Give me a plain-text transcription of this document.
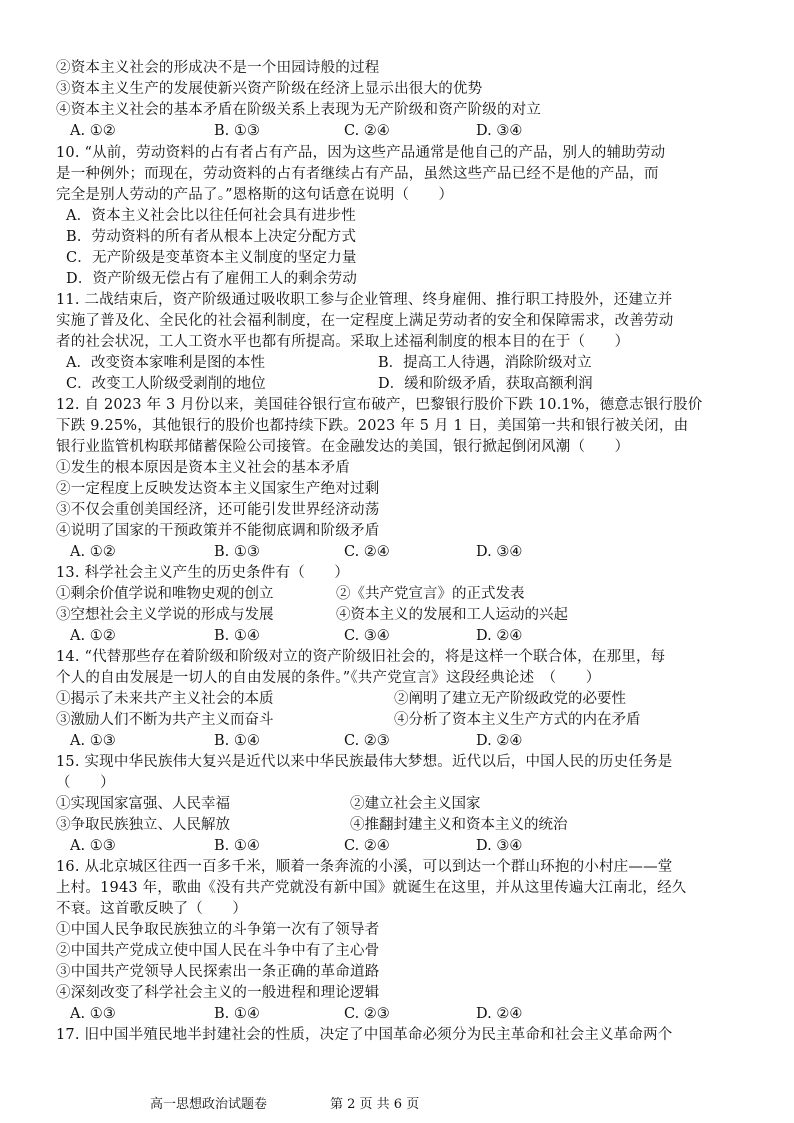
②资本主义社会的形成决不是一个田园诗般的过程
③资本主义生产的发展使新兴资产阶级在经济上显示出很大的优势
④资本主义社会的基本矛盾在阶级关系上表现为无产阶级和资产阶级的对立
A. ①②	B. ①③	C. ②④	D. ③④
10. “从前，劳动资料的占有者占有产品，因为这些产品通常是他自己的产品，别人的辅助劳动
是一种例外；而现在，劳动资料的占有者继续占有产品，虽然这些产品已经不是他的产品，而
完全是别人劳动的产品了。”恩格斯的这句话意在说明（　　）
A．资本主义社会比以往任何社会具有进步性
B．劳动资料的所有者从根本上决定分配方式
C．无产阶级是变革资本主义制度的坚定力量
D．资产阶级无偿占有了雇佣工人的剩余劳动
11. 二战结束后，资产阶级通过吸收职工参与企业管理、终身雇佣、推行职工持股外，还建立并
实施了普及化、全民化的社会福利制度，在一定程度上满足劳动者的安全和保障需求，改善劳动
者的社会状况，工人工资水平也都有所提高。采取上述福利制度的根本目的在于（　　）
A．改变资本家唯利是图的本性	B．提高工人待遇，消除阶级对立
C．改变工人阶级受剥削的地位	D．缓和阶级矛盾，获取高额利润
12. 自 2023 年 3 月份以来，美国硅谷银行宣布破产，巴黎银行股价下跌 10.1%，德意志银行股价
下跌 9.25%，其他银行的股价也都持续下跌。2023 年 5 月 1 日，美国第一共和银行被关闭，由
银行业监管机构联邦储蓄保险公司接管。在金融发达的美国，银行掀起倒闭风潮（　　）
①发生的根本原因是资本主义社会的基本矛盾
②一定程度上反映发达资本主义国家生产绝对过剩
③不仅会重创美国经济，还可能引发世界经济动荡
④说明了国家的干预政策并不能彻底调和阶级矛盾
A. ①②	B. ①③	C. ②④	D. ③④
13. 科学社会主义产生的历史条件有（　　）
①剩余价值学说和唯物史观的创立	②《共产党宣言》的正式发表
③空想社会主义学说的形成与发展	④资本主义的发展和工人运动的兴起
A. ①②	B. ①④	C. ③④	D. ②④
14. “代替那些存在着阶级和阶级对立的资产阶级旧社会的，将是这样一个联合体，在那里，每
个人的自由发展是一切人的自由发展的条件。”《共产党宣言》这段经典论述　（　　）
①揭示了未来共产主义社会的本质	②阐明了建立无产阶级政党的必要性
③激励人们不断为共产主义而奋斗	④分析了资本主义生产方式的内在矛盾
A. ①③	B. ①④	C. ②③	D. ②④
15. 实现中华民族伟大复兴是近代以来中华民族最伟大梦想。近代以后，中国人民的历史任务是
（　　）
①实现国家富强、人民幸福	②建立社会主义国家
③争取民族独立、人民解放	④推翻封建主义和资本主义的统治
A. ①③	B. ①④	C. ②④	D. ③④
16. 从北京城区往西一百多千米，顺着一条奔流的小溪，可以到达一个群山环抱的小村庄——堂
上村。1943 年，歌曲《没有共产党就没有新中国》就诞生在这里，并从这里传遍大江南北，经久
不衰。这首歌反映了（　　）
①中国人民争取民族独立的斗争第一次有了领导者
②中国共产党成立使中国人民在斗争中有了主心骨
③中国共产党领导人民探索出一条正确的革命道路
④深刻改变了科学社会主义的一般进程和理论逻辑
A. ①③	B. ①④	C. ②③	D. ②④
17. 旧中国半殖民地半封建社会的性质，决定了中国革命必须分为民主革命和社会主义革命两个
高一思想政治试题卷	第 2 页 共 6 页
